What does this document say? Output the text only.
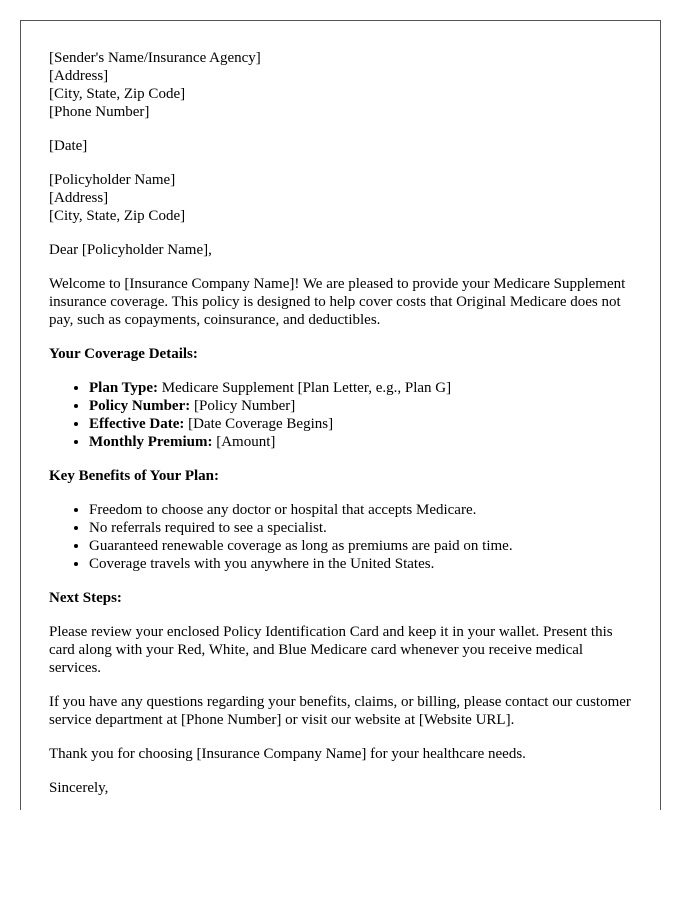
[Sender's Name/Insurance Agency]
[Address]
[City, State, Zip Code]
[Phone Number]

[Date]

[Policyholder Name]
[Address]
[City, State, Zip Code]

Dear [Policyholder Name],

Welcome to [Insurance Company Name]! We are pleased to provide your Medicare Supplement insurance coverage. This policy is designed to help cover costs that Original Medicare does not pay, such as copayments, coinsurance, and deductibles.

Your Coverage Details:

• Plan Type: Medicare Supplement [Plan Letter, e.g., Plan G]
• Policy Number: [Policy Number]
• Effective Date: [Date Coverage Begins]
• Monthly Premium: [Amount]

Key Benefits of Your Plan:

• Freedom to choose any doctor or hospital that accepts Medicare.
• No referrals required to see a specialist.
• Guaranteed renewable coverage as long as premiums are paid on time.
• Coverage travels with you anywhere in the United States.

Next Steps:

Please review your enclosed Policy Identification Card and keep it in your wallet. Present this card along with your Red, White, and Blue Medicare card whenever you receive medical services.

If you have any questions regarding your benefits, claims, or billing, please contact our customer service department at [Phone Number] or visit our website at [Website URL].

Thank you for choosing [Insurance Company Name] for your healthcare needs.

Sincerely,
